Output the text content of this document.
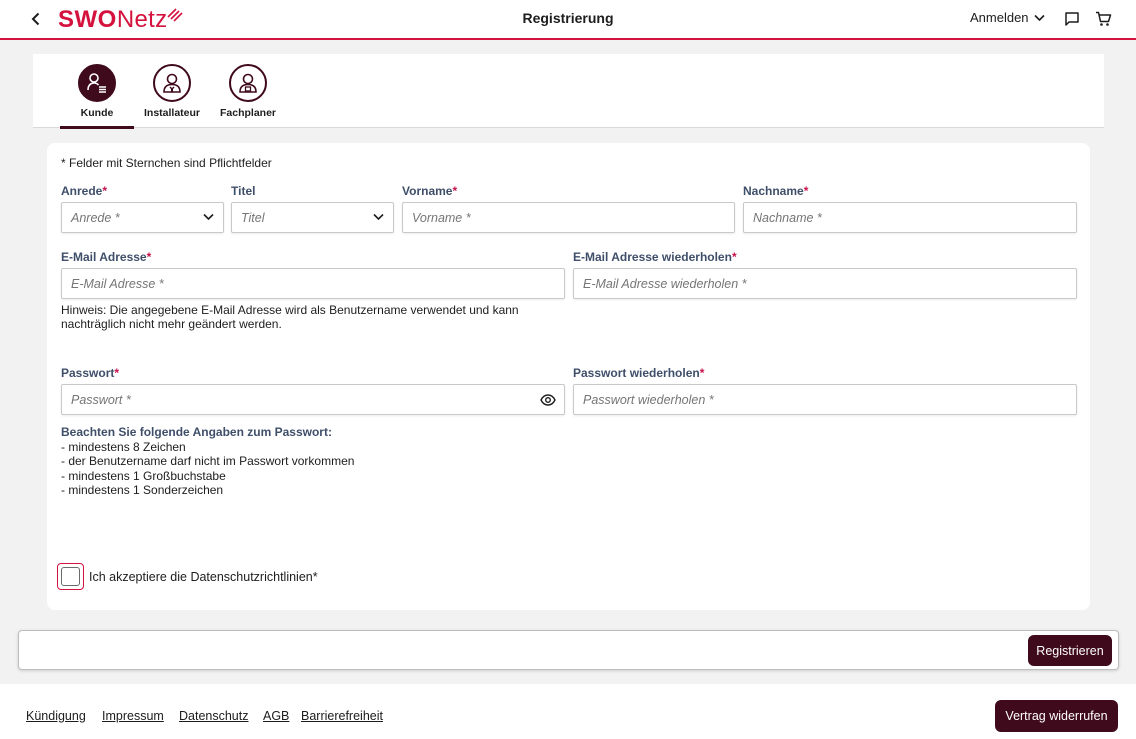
SWO Netz	Registrierung	Anmelden
Kunde	Installateur Fachplaner
* Felder mit Sternchen sind Pflichtfelder
Anrede*
Anrede *
Titel
Titel
Vorname*
Vorname *
Nachname*
Nachname *
E-Mail Adresse*
E-Mail Adresse *
E-Mail Adresse wiederholen*
E-Mail Adresse wiederholen *
Hinweis: Die angegebene E-Mail Adresse wird als Benutzername verwendet und kann nachträglich nicht mehr geändert werden.
Passwort*
Passwort *
Passwort wiederholen*
Passwort wiederholen *
Beachten Sie folgende Angaben zum Passwort:
- mindestens 8 Zeichen
- der Benutzername darf nicht im Passwort vorkommen
- mindestens 1 Großbuchstabe
- mindestens 1 Sonderzeichen
Ich akzeptiere die Datenschutzrichtlinien*
Registrieren
Kündigung Impressum Datenschutz AGB Barrierefreiheit	Vertrag widerrufen
